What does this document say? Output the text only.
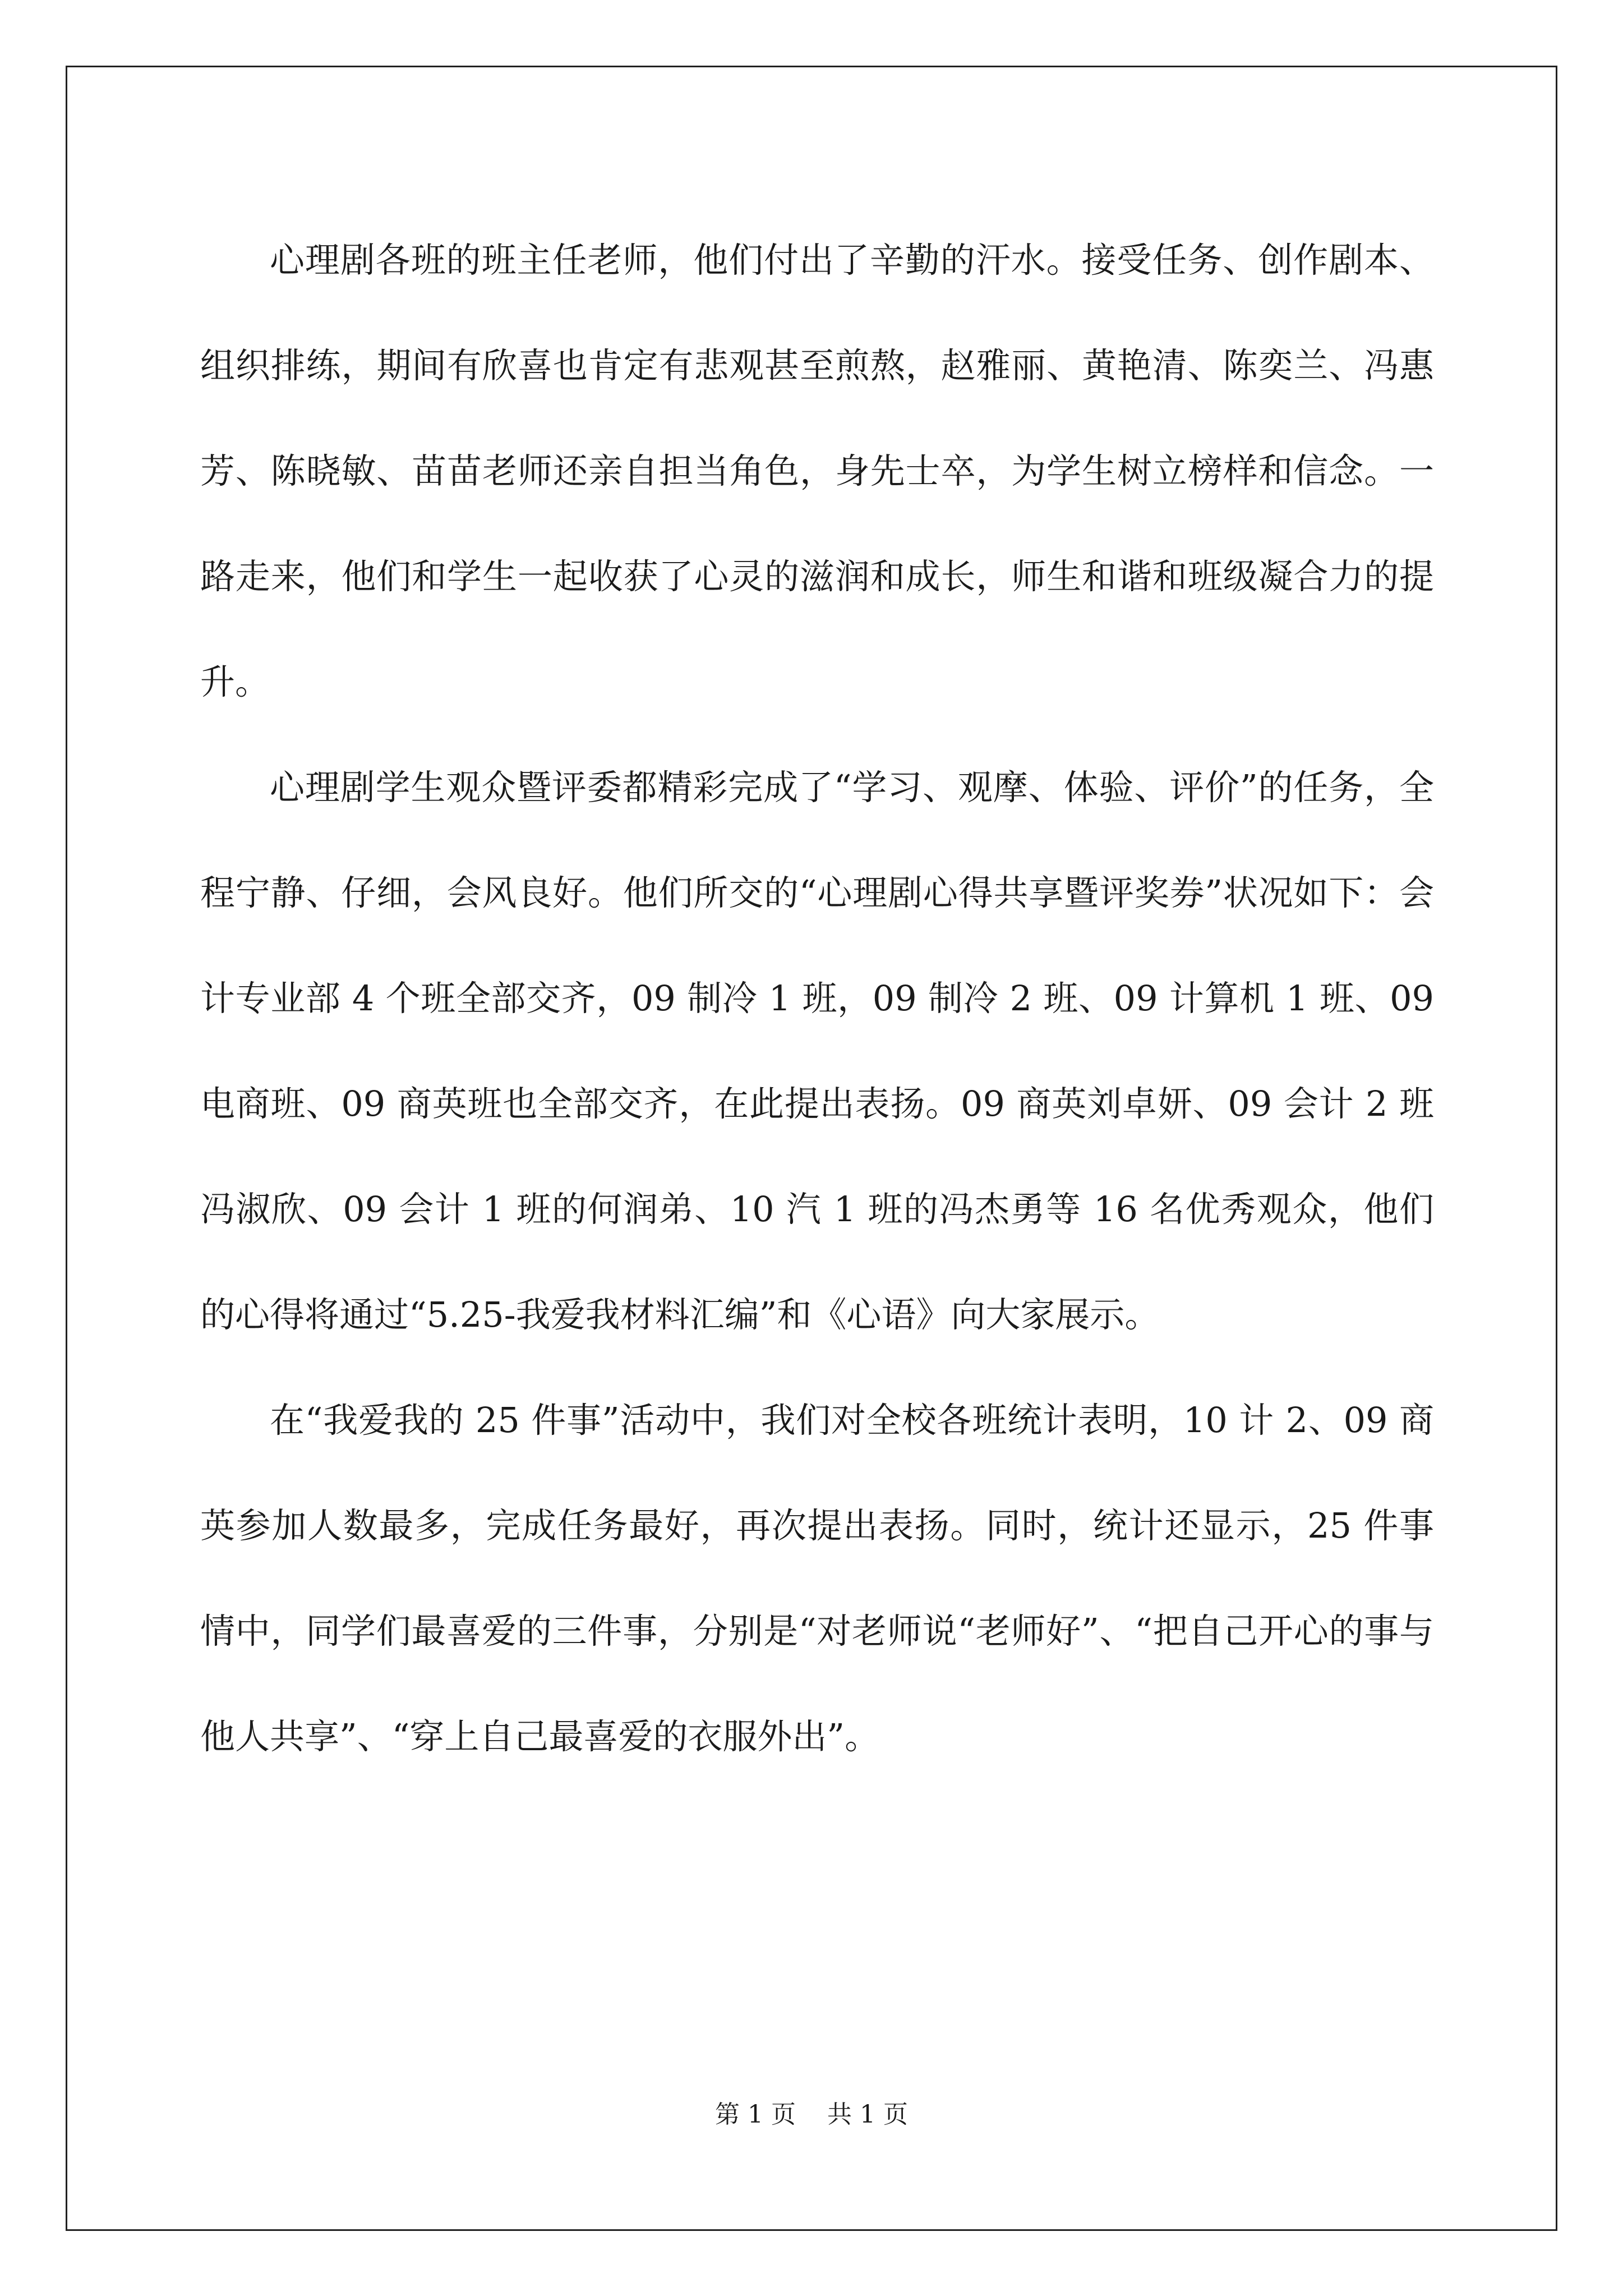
心理剧各班的班主任老师，他们付出了辛勤的汗水。接受任务、创作剧本、组织排练，期间有欣喜也肯定有悲观甚至煎熬，赵雅丽、黄艳清、陈奕兰、冯惠芳、陈晓敏、苗苗老师还亲自担当角色，身先士卒，为学生树立榜样和信念。一路走来，他们和学生一起收获了心灵的滋润和成长，师生和谐和班级凝合力的提升。

心理剧学生观众暨评委都精彩完成了“学习、观摩、体验、评价”的任务，全程宁静、仔细，会风良好。他们所交的“心理剧心得共享暨评奖券”状况如下：会计专业部 4 个班全部交齐，09 制冷 1 班，09 制冷 2 班、09 计算机 1 班、09 电商班、09 商英班也全部交齐，在此提出表扬。09 商英刘卓妍、09 会计 2 班冯淑欣、09 会计 1 班的何润弟、10 汽 1 班的冯杰勇等 16 名优秀观众，他们的心得将通过“5.25-我爱我材料汇编”和《心语》向大家展示。

在“我爱我的 25 件事”活动中，我们对全校各班统计表明，10 计 2、09 商英参加人数最多，完成任务最好，再次提出表扬。同时，统计还显示，25 件事情中，同学们最喜爱的三件事，分别是“对老师说“老师好”、“把自己开心的事与他人共享”、“穿上自己最喜爱的衣服外出”。

第 1 页 共 1 页
